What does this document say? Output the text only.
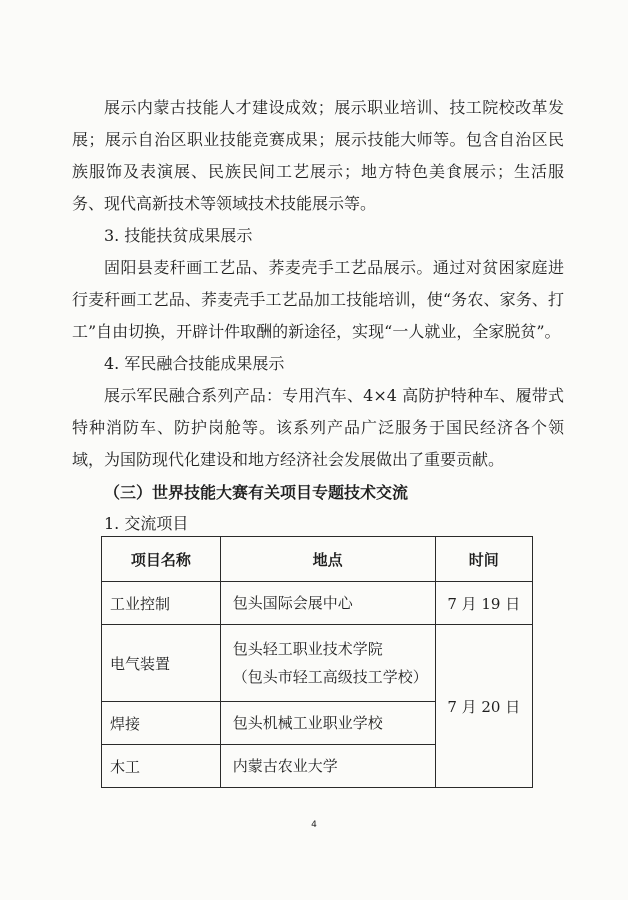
展示内蒙古技能人才建设成效；展示职业培训、技工院校改革发展；展示自治区职业技能竞赛成果；展示技能大师等。包含自治区民族服饰及表演展、民族民间工艺展示；地方特色美食展示；生活服务、现代高新技术等领域技术技能展示等。

3. 技能扶贫成果展示

固阳县麦秆画工艺品、荞麦壳手工艺品展示。通过对贫困家庭进行麦秆画工艺品、荞麦壳手工艺品加工技能培训，使“务农、家务、打工”自由切换，开辟计件取酬的新途径，实现“一人就业，全家脱贫”。

4. 军民融合技能成果展示

展示军民融合系列产品：专用汽车、4×4 高防护特种车、履带式特种消防车、防护岗舱等。该系列产品广泛服务于国民经济各个领域，为国防现代化建设和地方经济社会发展做出了重要贡献。

（三）世界技能大赛有关项目专题技术交流

1. 交流项目

项目名称	地点	时间
工业控制	包头国际会展中心	7 月 19 日
电气装置	包头轻工职业技术学院
（包头市轻工高级技工学校）	7 月 20 日
焊接	包头机械工业职业学校	
木工	内蒙古农业大学	
4
